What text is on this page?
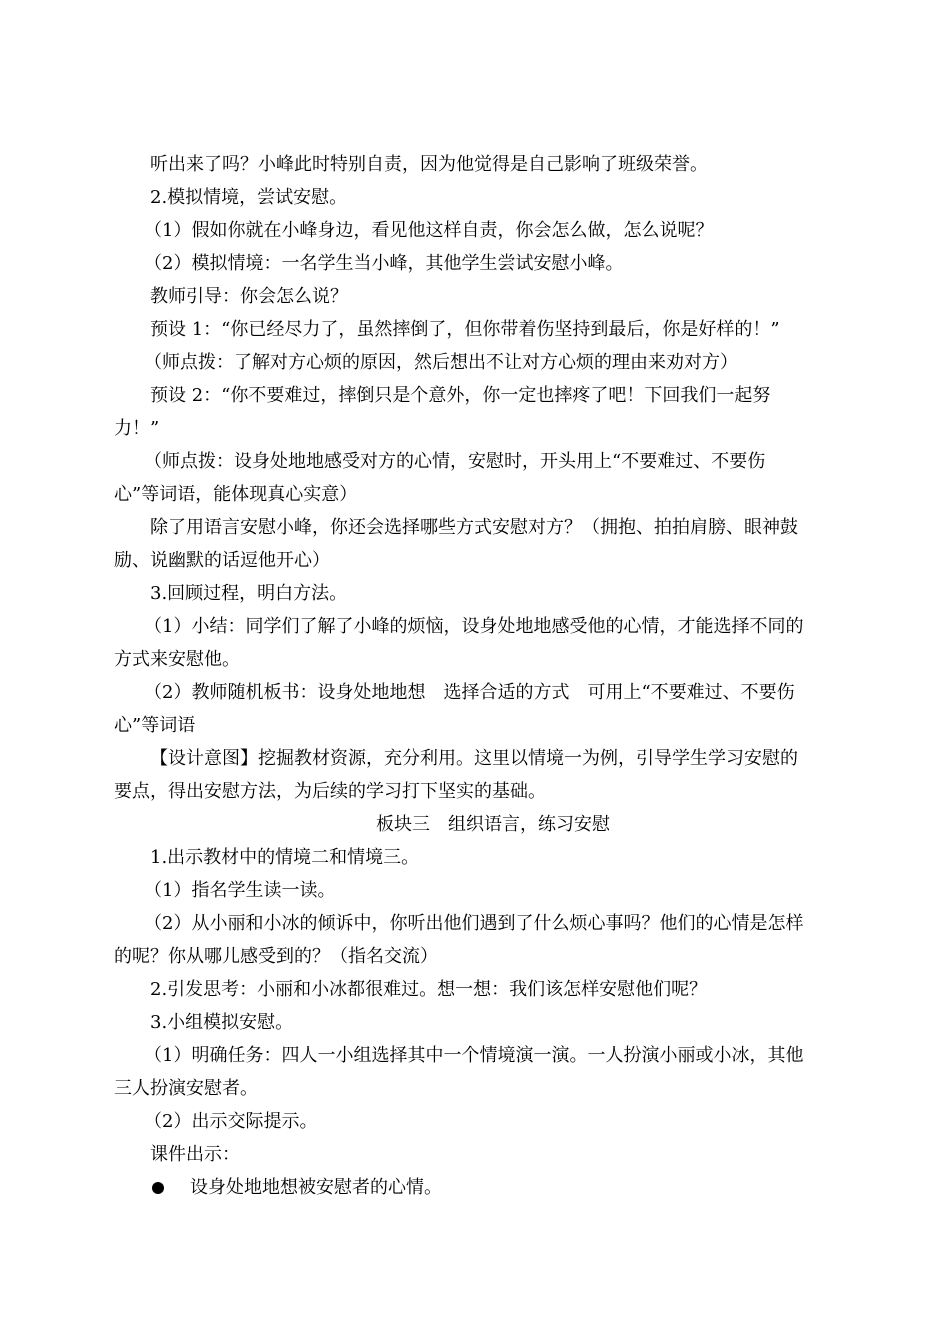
听出来了吗？小峰此时特别自责，因为他觉得是自己影响了班级荣誉。
2.模拟情境，尝试安慰。
（1）假如你就在小峰身边，看见他这样自责，你会怎么做，怎么说呢？
（2）模拟情境：一名学生当小峰，其他学生尝试安慰小峰。
教师引导：你会怎么说？
预设 1：“你已经尽力了，虽然摔倒了，但你带着伤坚持到最后，你是好样的！”
（师点拨：了解对方心烦的原因，然后想出不让对方心烦的理由来劝对方）
预设 2：“你不要难过，摔倒只是个意外，你一定也摔疼了吧！下回我们一起努
力！”
（师点拨：设身处地地感受对方的心情，安慰时，开头用上“不要难过、不要伤
心”等词语，能体现真心实意）
除了用语言安慰小峰，你还会选择哪些方式安慰对方？（拥抱、拍拍肩膀、眼神鼓
励、说幽默的话逗他开心）
3.回顾过程，明白方法。
（1）小结：同学们了解了小峰的烦恼，设身处地地感受他的心情，才能选择不同的
方式来安慰他。
（2）教师随机板书：设身处地地想　选择合适的方式　可用上“不要难过、不要伤
心”等词语
【设计意图】挖掘教材资源，充分利用。这里以情境一为例，引导学生学习安慰的
要点，得出安慰方法，为后续的学习打下坚实的基础。
板块三　组织语言，练习安慰
1.出示教材中的情境二和情境三。
（1）指名学生读一读。
（2）从小丽和小冰的倾诉中，你听出他们遇到了什么烦心事吗？他们的心情是怎样
的呢？你从哪儿感受到的？（指名交流）
2.引发思考：小丽和小冰都很难过。想一想：我们该怎样安慰他们呢？
3.小组模拟安慰。
（1）明确任务：四人一小组选择其中一个情境演一演。一人扮演小丽或小冰，其他
三人扮演安慰者。
（2）出示交际提示。
课件出示：
设身处地地想被安慰者的心情。
